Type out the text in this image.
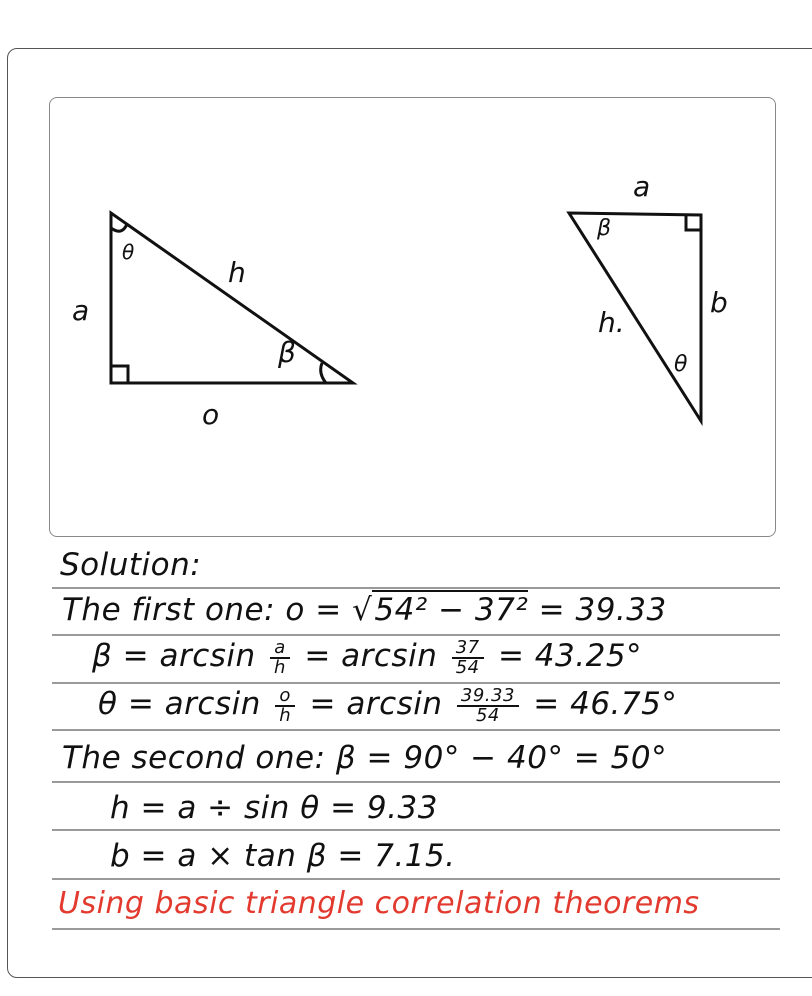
a
h
o
θ
β
a
β
b
h.
θ
Solution:
The first one: o = √54² − 37² = 39.33
$\beta = \arcsin \frac{a}{h} = \arcsin \frac{37}{54} = 43.25^\circ$
$\theta = \arcsin \frac{o}{h} = \arcsin \frac{39.33}{54} = 46.75^\circ$
The second one: β = 90° − 40° = 50°
h = a ÷ sin θ = 9.33
b = a × tan β = 7.15.
Using basic triangle correlation theorems
